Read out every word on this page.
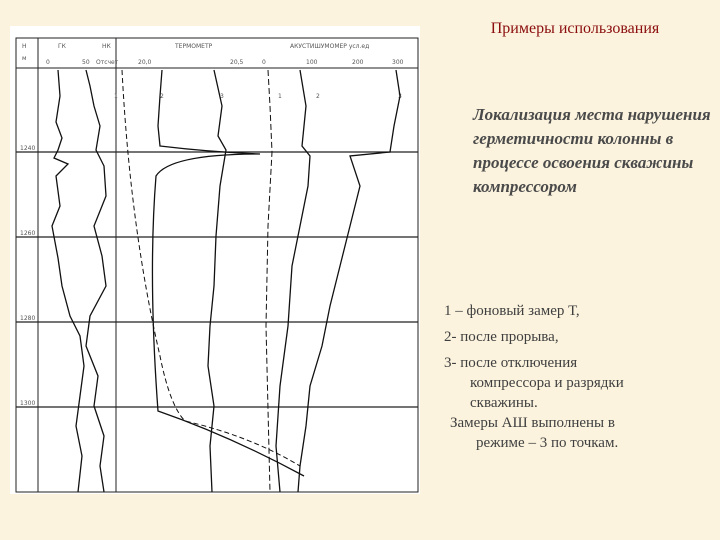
Примеры использования
Локализация места нарушения герметичности колонны в процессе освоения скважины компрессором
1 – фоновый замер Т,
2- после прорыва,
3- после отключения
компрессора и разрядки
скважины.
Замеры АШ выполнены в
режиме – 3 по точкам.
Н
м
ГК	НК	ТЕРМОМЕТР	АКУСТИШУМОМЕР усл.ед
0	50 Отсчет	20,0	20,5	0	100	200	300
1240
1260
1280
1300
1	2	3	1	2	3
